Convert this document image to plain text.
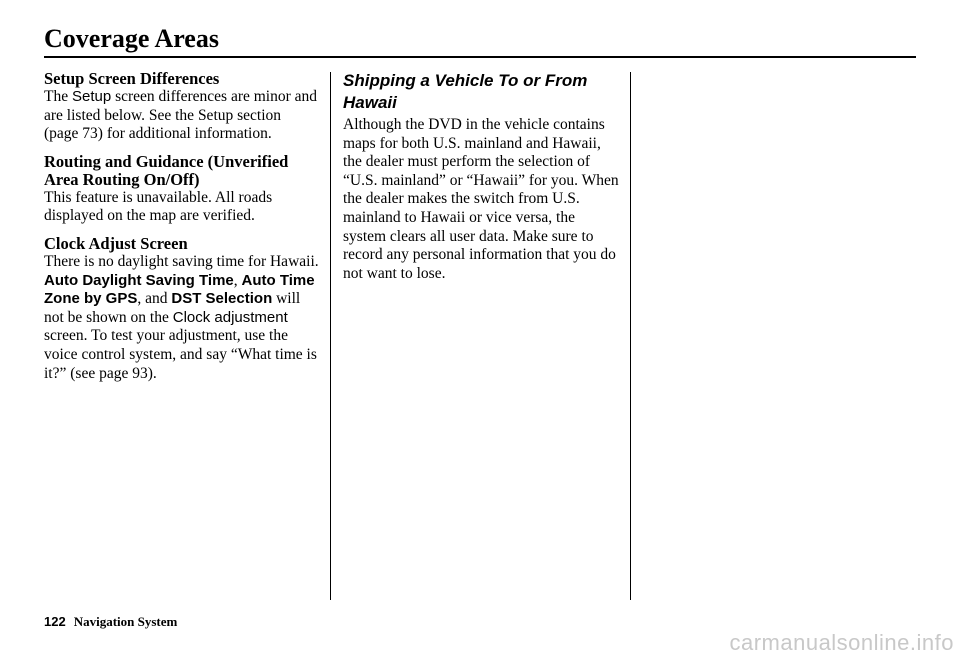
Coverage Areas

Setup Screen Differences

The Setup screen differences are minor and are listed below. See the Setup section (page 73) for additional information.

Routing and Guidance (Unverified Area Routing On/Off)

This feature is unavailable. All roads displayed on the map are verified.

Clock Adjust Screen

There is no daylight saving time for Hawaii. Auto Daylight Saving Time, Auto Time Zone by GPS, and DST Selection will not be shown on the Clock adjustment screen. To test your adjustment, use the voice control system, and say “What time is it?” (see page 93).

Shipping a Vehicle To or From Hawaii

Although the DVD in the vehicle contains maps for both U.S. mainland and Hawaii, the dealer must perform the selection of “U.S. mainland” or “Hawaii” for you. When the dealer makes the switch from U.S. mainland to Hawaii or vice versa, the system clears all user data. Make sure to record any personal information that you do not want to lose.

122 Navigation System
carmanualsonline.info
